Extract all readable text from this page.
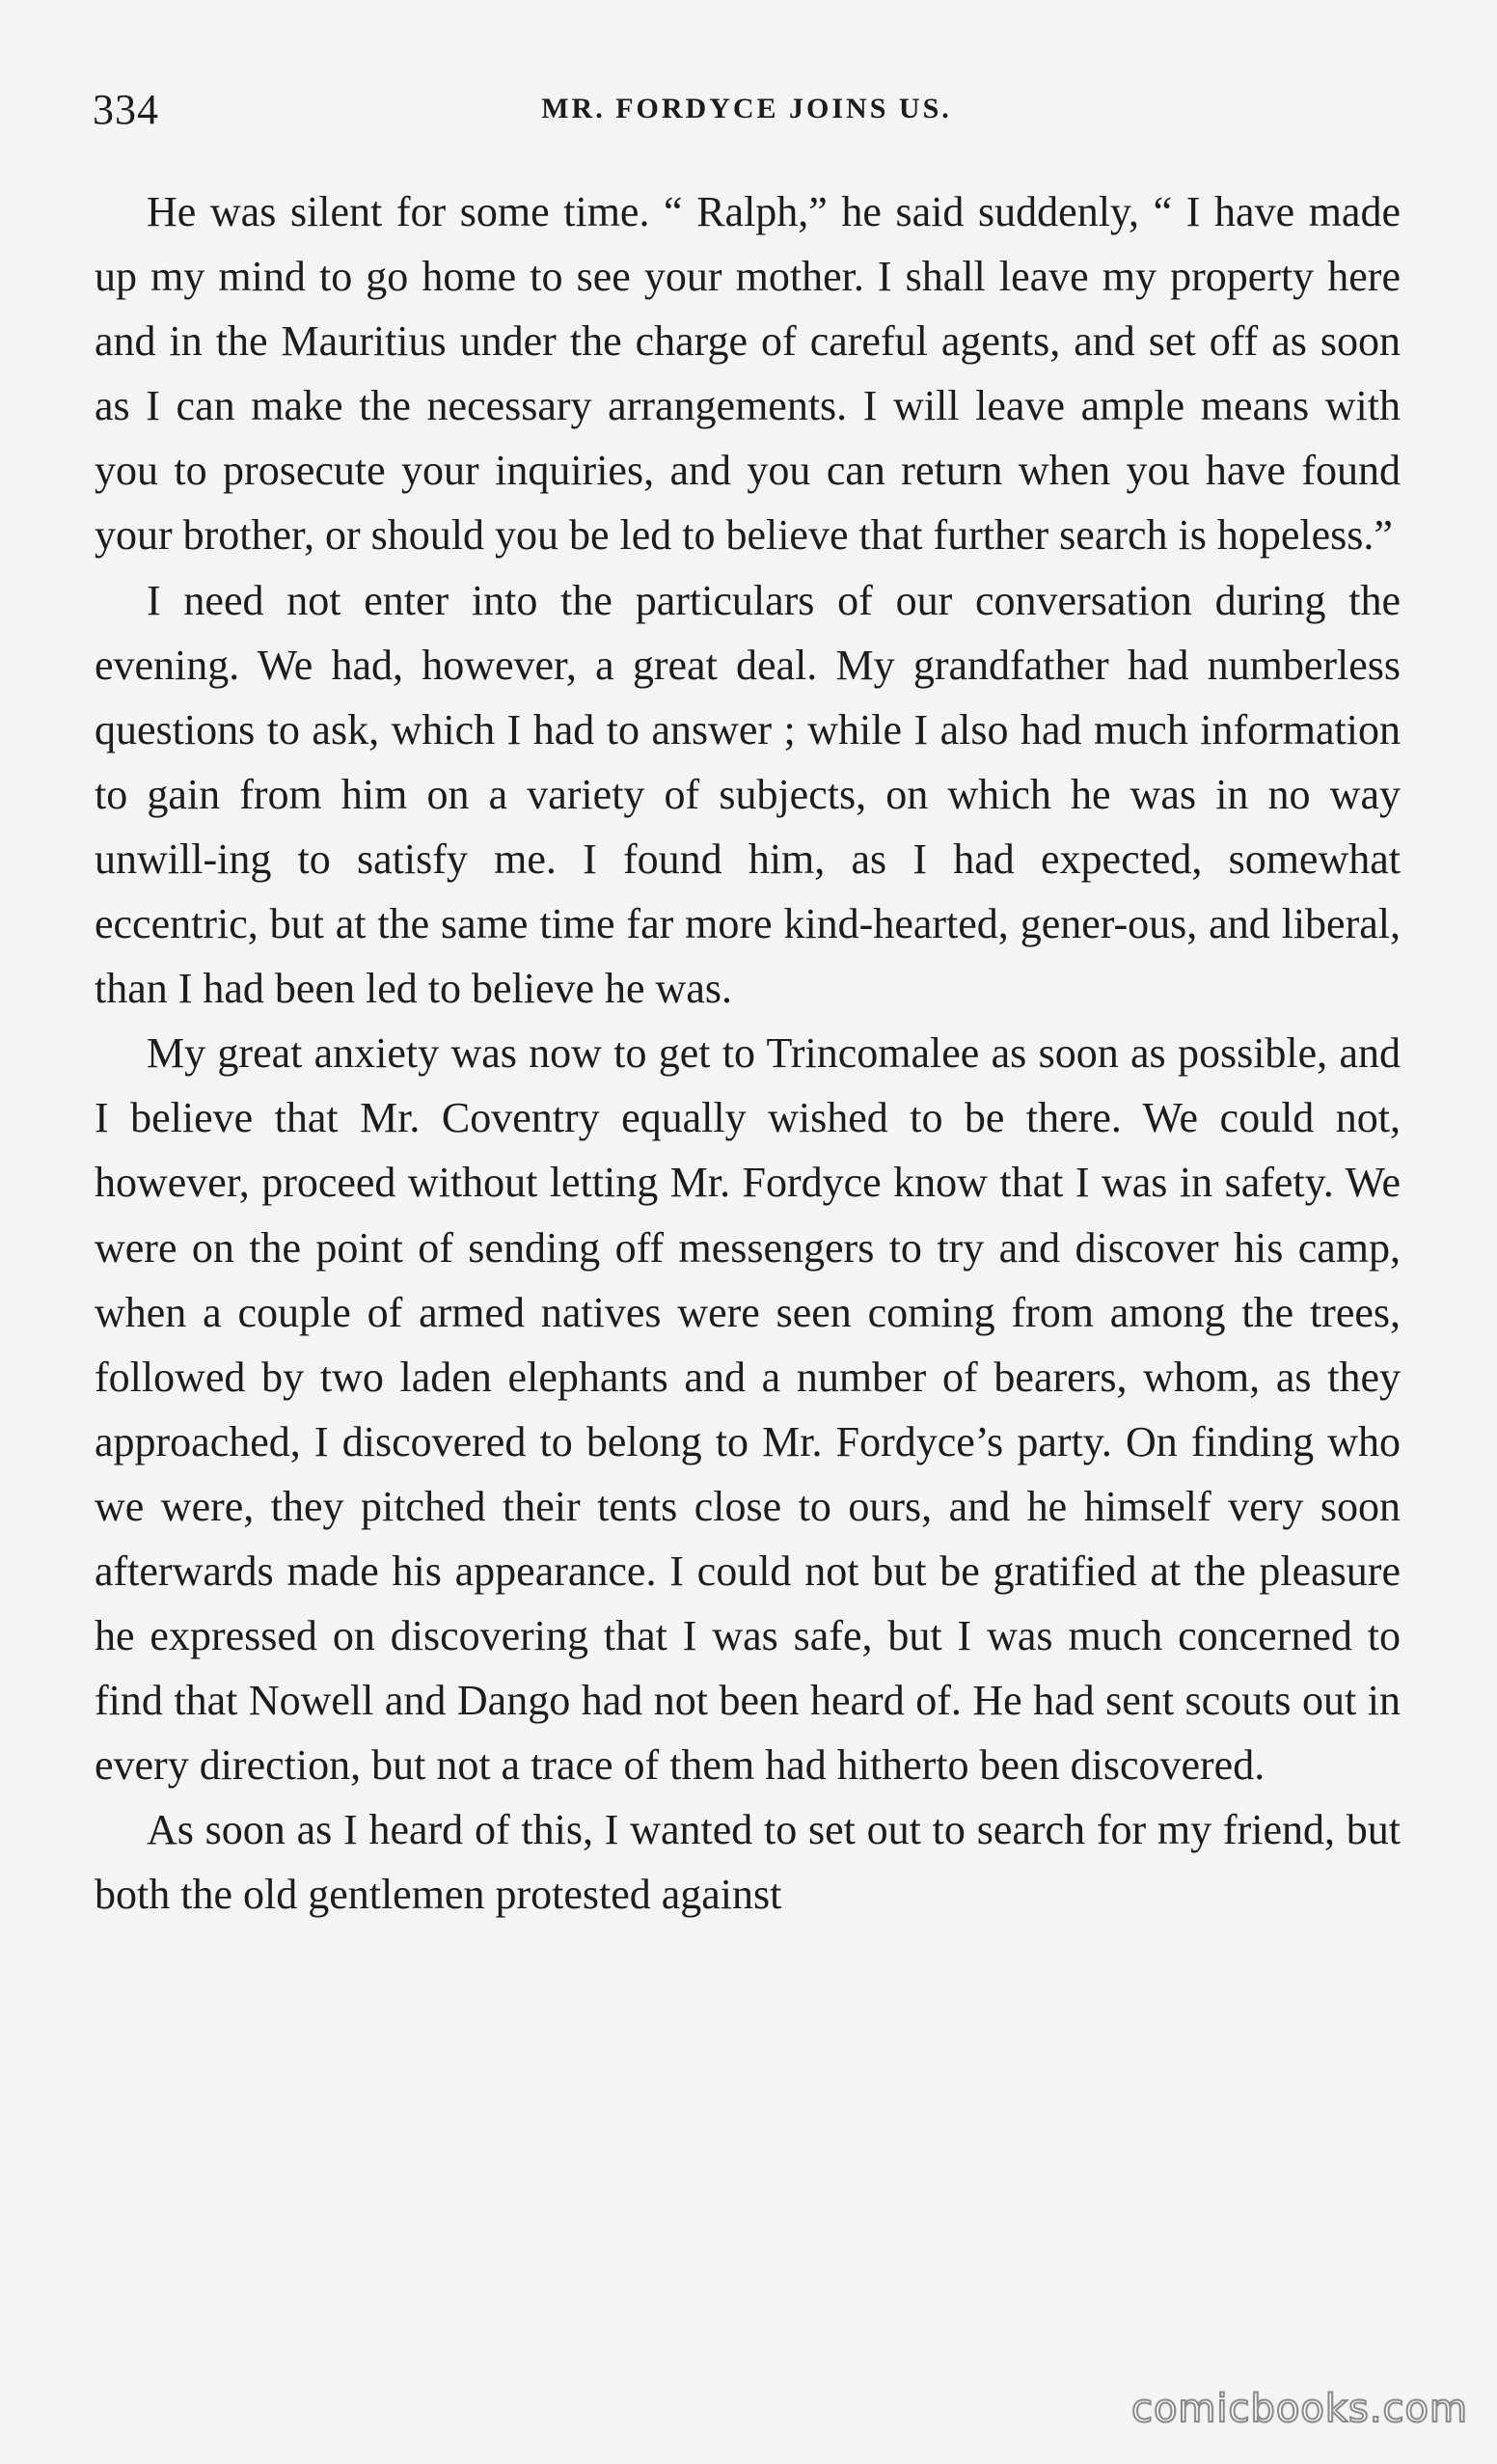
334	MR. FORDYCE JOINS US.

He was silent for some time. “ Ralph,” he said suddenly, “ I have made up my mind to go home to see your mother. I shall leave my property here and in the Mauritius under the charge of careful agents, and set off as soon as I can make the necessary arrangements. I will leave ample means with you to prosecute your inquiries, and you can return when you have found your brother, or should you be led to believe that further search is hopeless.”

I need not enter into the particulars of our conversation during the evening. We had, however, a great deal. My grandfather had numberless questions to ask, which I had to answer ; while I also had much information to gain from him on a variety of subjects, on which he was in no way unwill-ing to satisfy me. I found him, as I had expected, somewhat eccentric, but at the same time far more kind-hearted, gener-ous, and liberal, than I had been led to believe he was.

My great anxiety was now to get to Trincomalee as soon as possible, and I believe that Mr. Coventry equally wished to be there. We could not, however, proceed without letting Mr. Fordyce know that I was in safety. We were on the point of sending off messengers to try and discover his camp, when a couple of armed natives were seen coming from among the trees, followed by two laden elephants and a number of bearers, whom, as they approached, I discovered to belong to Mr. Fordyce’s party. On finding who we were, they pitched their tents close to ours, and he himself very soon afterwards made his appearance. I could not but be gratified at the pleasure he expressed on discovering that I was safe, but I was much concerned to find that Nowell and Dango had not been heard of. He had sent scouts out in every direction, but not a trace of them had hitherto been discovered.

As soon as I heard of this, I wanted to set out to search for my friend, but both the old gentlemen protested against

comicbooks.com
